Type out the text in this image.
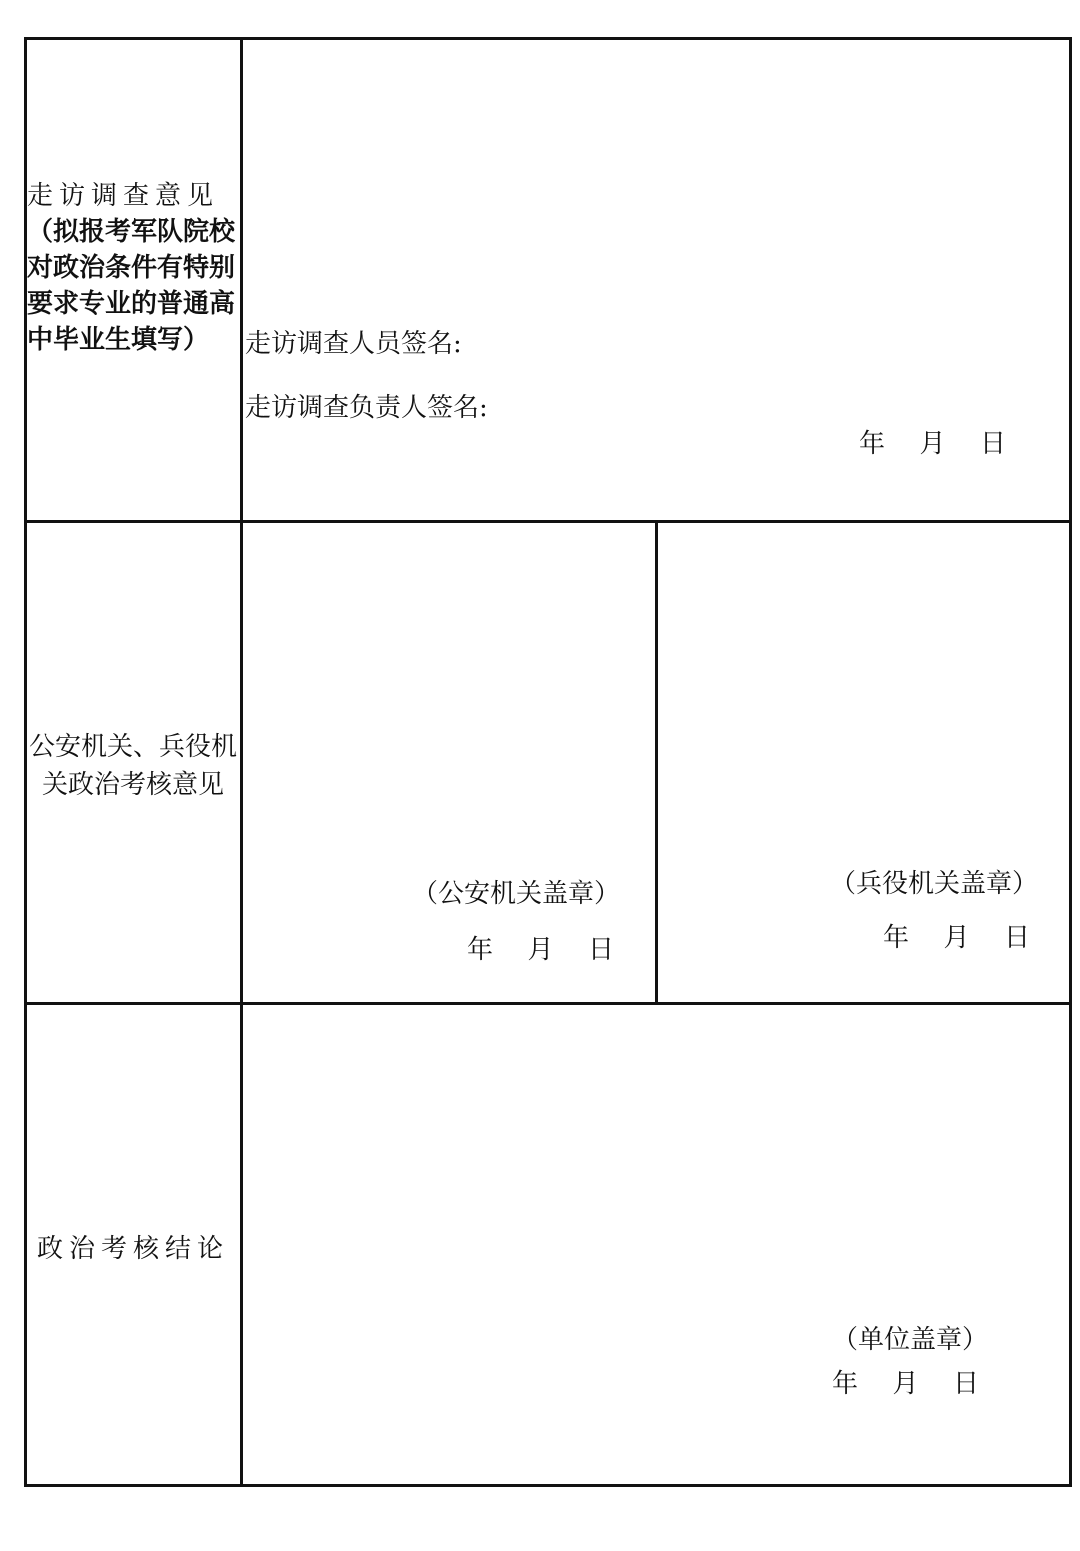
走访调查意见
（拟报考军队院校对政治条件有特别要求专业的普通高中毕业生填写）	走访调查人员签名:
走访调查负责人签名:
年  月  日
公安机关、兵役机关政治考核意见
（公安机关盖章）
年  月  日
（兵役机关盖章）
年  月  日
政治考核结论
（单位盖章）
年  月  日
